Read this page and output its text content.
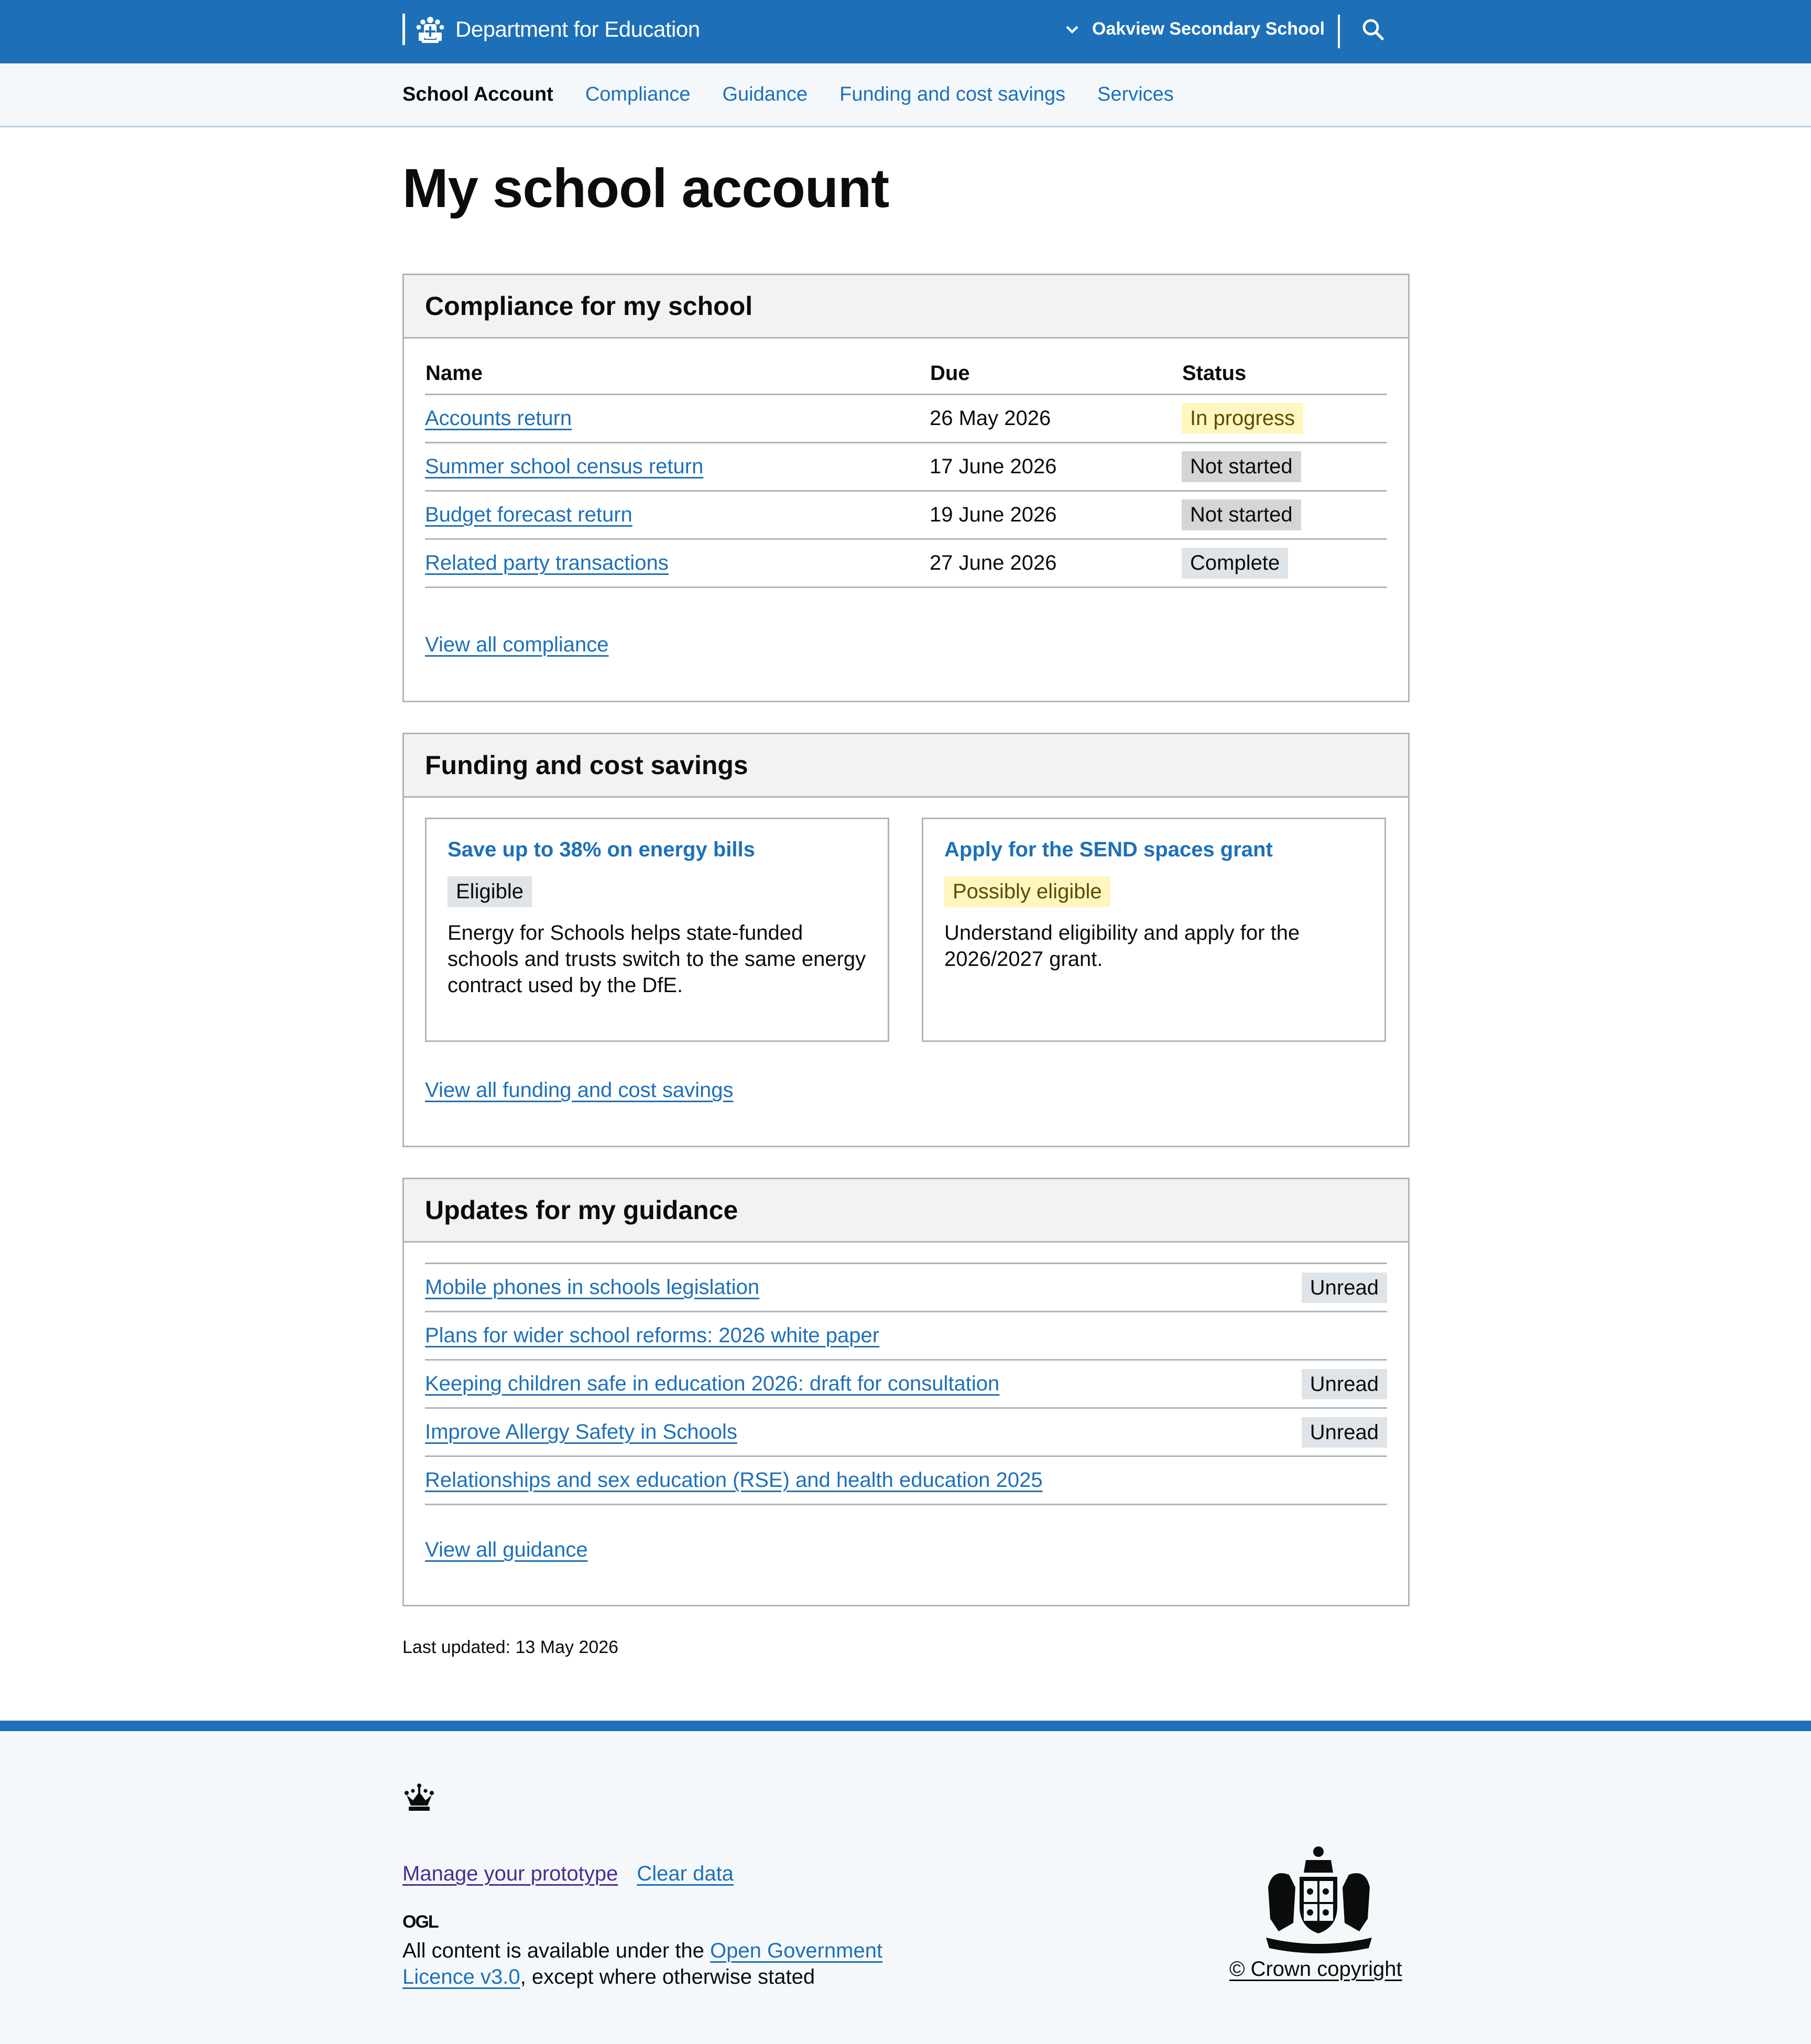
Department for Education	Oakview Secondary School
School Account Compliance Guidance Funding and cost savings Services
My school account
Compliance for my school
Name	Due	Status
Accounts return	26 May 2026	In progress
Summer school census return	17 June 2026	Not started
Budget forecast return	19 June 2026	Not started
Related party transactions	27 June 2026	Complete
View all compliance
Funding and cost savings
Save up to 38% on energy bills
Eligible

Energy for Schools helps state-funded schools and trusts switch to the same energy contract used by the DfE.

Apply for the SEND spaces grant
Possibly eligible

Understand eligibility and apply for the 2026/2027 grant.

View all funding and cost savings
Updates for my guidance
Mobile phones in schools legislation	Unread
Plans for wider school reforms: 2026 white paper
Keeping children safe in education 2026: draft for consultation	Unread
Improve Allergy Safety in Schools	Unread
Relationships and sex education (RSE) and health education 2025
View all guidance
Last updated: 13 May 2026
Manage your prototype Clear data
OGL
All content is available under the Open Government Licence v3.0, except where otherwise stated	© Crown copyright
